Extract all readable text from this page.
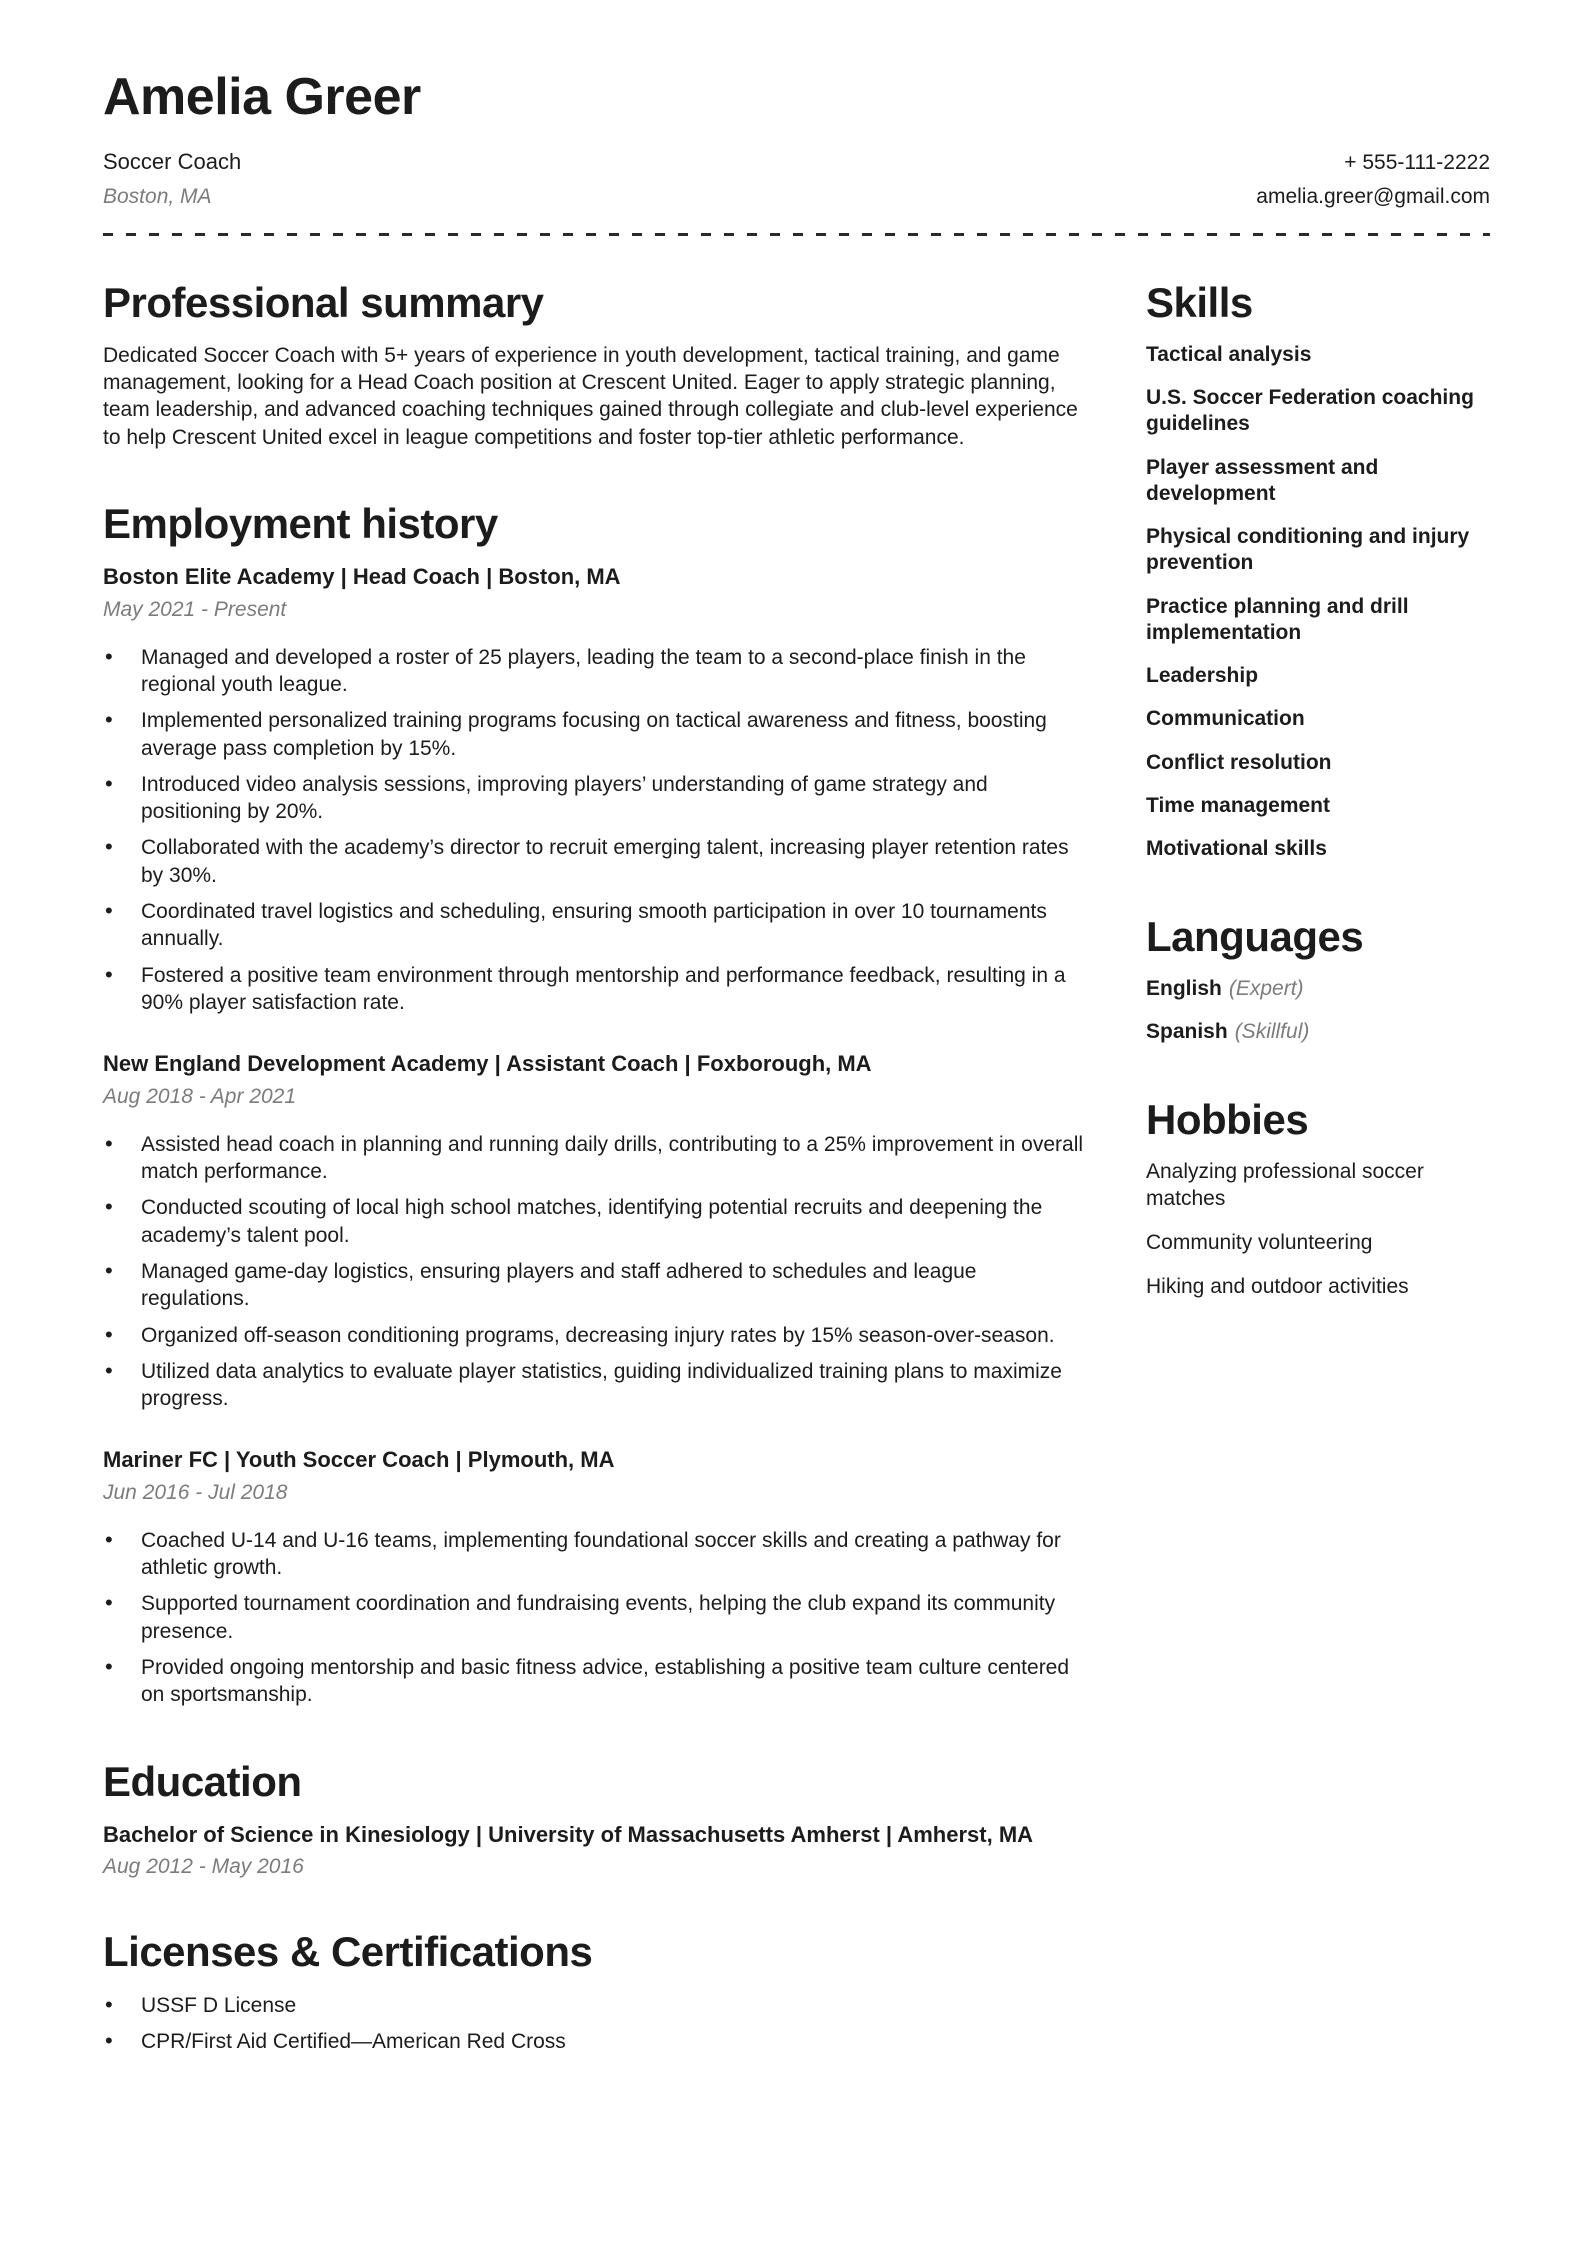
Amelia Greer
Soccer Coach	+ 555-111-2222
Boston, MA	amelia.greer@gmail.com
Professional summary

Dedicated Soccer Coach with 5+ years of experience in youth development, tactical training, and game management, looking for a Head Coach position at Crescent United. Eager to apply strategic planning, team leadership, and advanced coaching techniques gained through collegiate and club-level experience to help Crescent United excel in league competitions and foster top-tier athletic performance.

Employment history

Boston Elite Academy | Head Coach | Boston, MA

May 2021 - Present

• Managed and developed a roster of 25 players, leading the team to a second-place finish in the regional youth league.
• Implemented personalized training programs focusing on tactical awareness and fitness, boosting average pass completion by 15%.
• Introduced video analysis sessions, improving players’ understanding of game strategy and positioning by 20%.
• Collaborated with the academy’s director to recruit emerging talent, increasing player retention rates by 30%.
• Coordinated travel logistics and scheduling, ensuring smooth participation in over 10 tournaments annually.
• Fostered a positive team environment through mentorship and performance feedback, resulting in a 90% player satisfaction rate.

New England Development Academy | Assistant Coach | Foxborough, MA

Aug 2018 - Apr 2021

• Assisted head coach in planning and running daily drills, contributing to a 25% improvement in overall match performance.
• Conducted scouting of local high school matches, identifying potential recruits and deepening the academy’s talent pool.
• Managed game-day logistics, ensuring players and staff adhered to schedules and league regulations.
• Organized off-season conditioning programs, decreasing injury rates by 15% season-over-season.
• Utilized data analytics to evaluate player statistics, guiding individualized training plans to maximize progress.

Mariner FC | Youth Soccer Coach | Plymouth, MA

Jun 2016 - Jul 2018

• Coached U-14 and U-16 teams, implementing foundational soccer skills and creating a pathway for athletic growth.
• Supported tournament coordination and fundraising events, helping the club expand its community presence.
• Provided ongoing mentorship and basic fitness advice, establishing a positive team culture centered on sportsmanship.
Education

Bachelor of Science in Kinesiology | University of Massachusetts Amherst | Amherst, MA

Aug 2012 - May 2016

Licenses & Certifications
• USSF D License
• CPR/First Aid Certified—American Red Cross
Skills
Tactical analysis
U.S. Soccer Federation coaching guidelines
Player assessment and development
Physical conditioning and injury prevention
Practice planning and drill implementation
Leadership
Communication
Conflict resolution
Time management
Motivational skills
Languages
English (Expert)
Spanish (Skillful)
Hobbies
Analyzing professional soccer matches
Community volunteering
Hiking and outdoor activities
